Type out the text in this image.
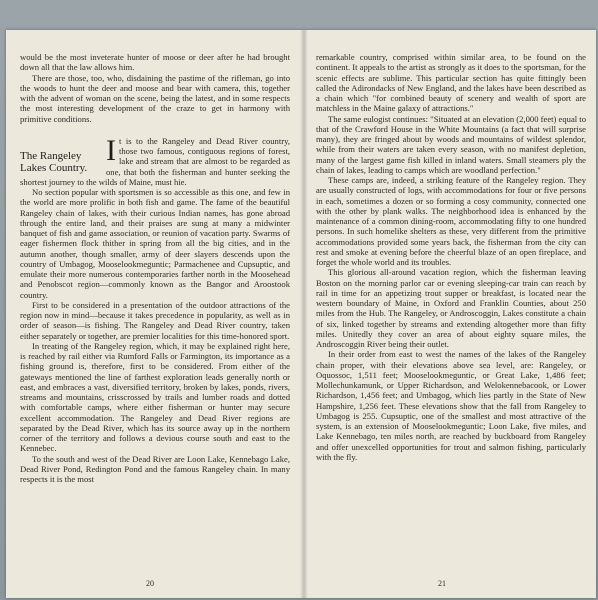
would be the most inveterate hunter of moose or deer after he had brought down all that the law allows him.

There are those, too, who, disdaining the pastime of the rifleman, go into the woods to hunt the deer and moose and bear with camera, this, together with the advent of woman on the scene, being the latest, and in some respects the most interesting development of the craze to get in harmony with primitive conditions.

The Rangeley Lakes Country.

It is to the Rangeley and Dead River country, those two famous, contiguous regions of forest, lake and stream that are almost to be regarded as one, that both the fisherman and hunter seeking the shortest journey to the wilds of Maine, must hie.

No section popular with sportsmen is so accessible as this one, and few in the world are more prolific in both fish and game. The fame of the beautiful Rangeley chain of lakes, with their curious Indian names, has gone abroad through the entire land, and their praises are sung at many a midwinter banquet of fish and game association, or reunion of vacation party. Swarms of eager fishermen flock thither in spring from all the big cities, and in the autumn another, though smaller, army of deer slayers descends upon the country of Umbagog, Mooselookmeguntic; Parmachenee and Cupsuptic, and emulate their more numerous contemporaries farther north in the Moosehead and Penobscot region—commonly known as the Bangor and Aroostook country.

First to be considered in a presentation of the outdoor attractions of the region now in mind—because it takes precedence in popularity, as well as in order of season—is fishing. The Rangeley and Dead River country, taken either separately or together, are premier localities for this time-honored sport.

In treating of the Rangeley region, which, it may be explained right here, is reached by rail either via Rumford Falls or Farmington, its importance as a fishing ground is, therefore, first to be considered. From either of the gateways mentioned the line of farthest exploration leads generally north or east, and embraces a vast, diversified territory, broken by lakes, ponds, rivers, streams and mountains, crisscrossed by trails and lumber roads and dotted with comfortable camps, where either fisherman or hunter may secure excellent accommodation. The Rangeley and Dead River regions are separated by the Dead River, which has its source away up in the northern corner of the territory and follows a devious course south and east to the Kennebec.

To the south and west of the Dead River are Loon Lake, Kennebago Lake, Dead River Pond, Redington Pond and the famous Rangeley chain. In many respects it is the most

20

remarkable country, comprised within similar area, to be found on the continent. It appeals to the artist as strongly as it does to the sportsman, for the scenic effects are sublime. This particular section has quite fittingly been called the Adirondacks of New England, and the lakes have been described as a chain which "for combined beauty of scenery and wealth of sport are matchless in the Maine galaxy of attractions."

The same eulogist continues: "Situated at an elevation (2,000 feet) equal to that of the Crawford House in the White Mountains (a fact that will surprise many), they are fringed about by woods and mountains of wildest splendor, while from their waters are taken every season, with no manifest depletion, many of the largest game fish killed in inland waters. Small steamers ply the chain of lakes, leading to camps which are woodland perfection."

These camps are, indeed, a striking feature of the Rangeley region. They are usually constructed of logs, with accommodations for four or five persons in each, sometimes a dozen or so forming a cosy community, connected one with the other by plank walks. The neighborhood idea is enhanced by the maintenance of a common dining-room, accommodating fifty to one hundred persons. In such homelike shelters as these, very different from the primitive accommodations provided some years back, the fisherman from the city can rest and smoke at evening before the cheerful blaze of an open fireplace, and forget the whole world and its troubles.

This glorious all-around vacation region, which the fisherman leaving Boston on the morning parlor car or evening sleeping-car train can reach by rail in time for an appetizing trout supper or breakfast, is located near the western boundary of Maine, in Oxford and Franklin Counties, about 250 miles from the Hub. The Rangeley, or Androscoggin, Lakes constitute a chain of six, linked together by streams and extending altogether more than fifty miles. Unitedly they cover an area of about eighty square miles, the Androscoggin River being their outlet.

In their order from east to west the names of the lakes of the Rangeley chain proper, with their elevations above sea level, are: Rangeley, or Oquossoc, 1,511 feet; Mooselookmeguntic, or Great Lake, 1,486 feet; Mollechunkamunk, or Upper Richardson, and Welokennebacook, or Lower Richardson, 1,456 feet; and Umbagog, which lies partly in the State of New Hampshire, 1,256 feet. These elevations show that the fall from Rangeley to Umbagog is 255. Cupsuptic, one of the smallest and most attractive of the system, is an extension of Mooselookmeguntic; Loon Lake, five miles, and Lake Kennebago, ten miles north, are reached by buckboard from Rangeley and offer unexcelled opportunities for trout and salmon fishing, particularly with the fly.

21
